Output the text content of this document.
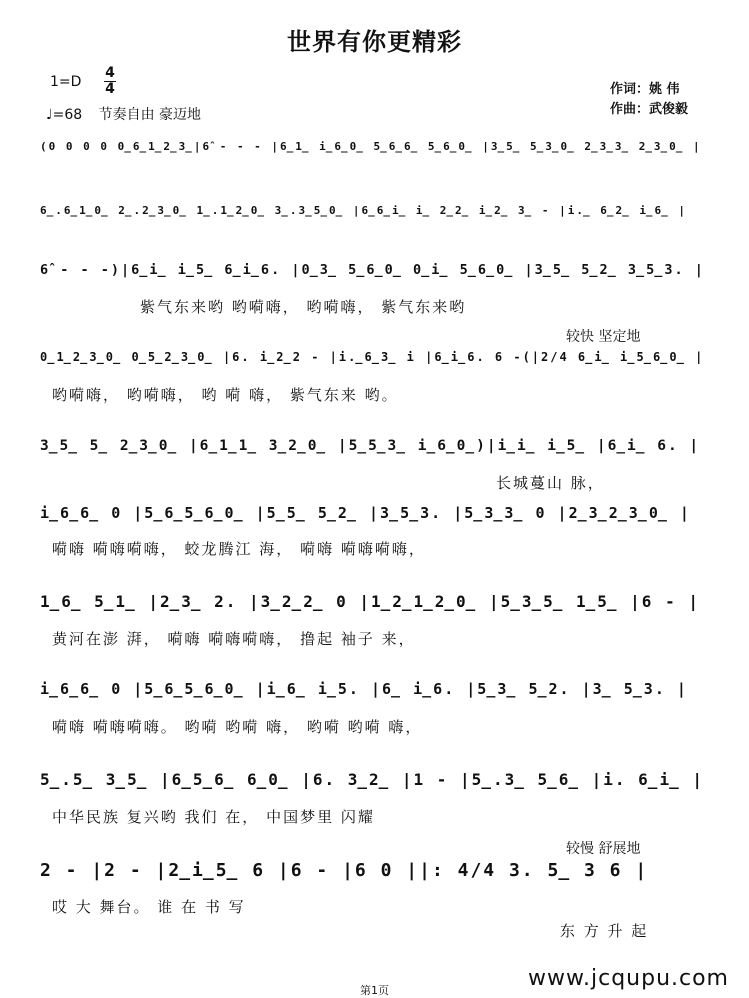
世界有你更精彩
1=D
4
4
♩=68 节奏自由 豪迈地
作词：姚 伟
作曲：武俊毅
(0 0 0 0 0̲6̲1̲2̲3̲|6̂ - - - |6̲1̲ i̲6̲0̲ 5̲6̲6̲ 5̲6̲0̲ |3̲5̲ 5̲3̲0̲ 2̲3̲3̲ 2̲3̲0̲ |
6̲.6̲1̲0̲ 2̲.2̲3̲0̲ 1̲.1̲2̲0̲ 3̲.3̲5̲0̲ |6̲6̲i̲ i̲ 2̲2̲ i̲2̲ 3̲ - |i.̲ 6̲2̲ i̲6̲ |
6̂ - - -)|6̲i̲ i̲5̲ 6̲i̲6. |0̲3̲ 5̲6̲0̲ 0̲i̲ 5̲6̲0̲ |3̲5̲ 5̲2̲ 3̲5̲3. |
紫气东来哟 哟嗬嗨， 哟嗬嗨， 紫气东来哟
较快 坚定地
0̲1̲2̲3̲0̲ 0̲5̲2̲3̲0̲ |6. i̲2̲2 - |i.̲6̲3̲ i |6̲i̲6. 6 -(|2/4 6̲i̲ i̲5̲6̲0̲ |
哟嗬嗨， 哟嗬嗨， 哟 嗬 嗨， 紫气东来 哟。
3̲5̲ 5̲ 2̲3̲0̲ |6̲1̲1̲ 3̲2̲0̲ |5̲5̲3̲ i̲6̲0̲)|i̲i̲ i̲5̲ |6̲i̲ 6. |
长城蔓山 脉，
i̲6̲6̲ 0 |5̲6̲5̲6̲0̲ |5̲5̲ 5̲2̲ |3̲5̲3. |5̲3̲3̲ 0 |2̲3̲2̲3̲0̲ |
嗬嗨 嗬嗨嗬嗨， 蛟龙腾江 海， 嗬嗨 嗬嗨嗬嗨，
1̲6̲ 5̲1̲ |2̲3̲ 2. |3̲2̲2̲ 0 |1̲2̲1̲2̲0̲ |5̲3̲5̲ 1̲5̲ |6 - |
黄河在澎 湃， 嗬嗨 嗬嗨嗬嗨， 撸起 袖子 来，
i̲6̲6̲ 0 |5̲6̲5̲6̲0̲ |i̲6̲ i̲5. |6̲ i̲6. |5̲3̲ 5̲2. |3̲ 5̲3. |
嗬嗨 嗬嗨嗬嗨。 哟嗬 哟嗬 嗨， 哟嗬 哟嗬 嗨，
5̲.5̲ 3̲5̲ |6̲5̲6̲ 6̲0̲ |6. 3̲2̲ |1 - |5̲.3̲ 5̲6̲ |i. 6̲i̲ |
中华民族 复兴哟 我们 在， 中国梦里 闪耀
较慢 舒展地
2 - |2 - |2̲i̲5̲ 6 |6 - |6 0 ||: 4/4 3. 5̲ 3 6 |
哎 大 舞台。 谁 在 书 写
东 方 升 起
第1页	www.jcqupu.com
